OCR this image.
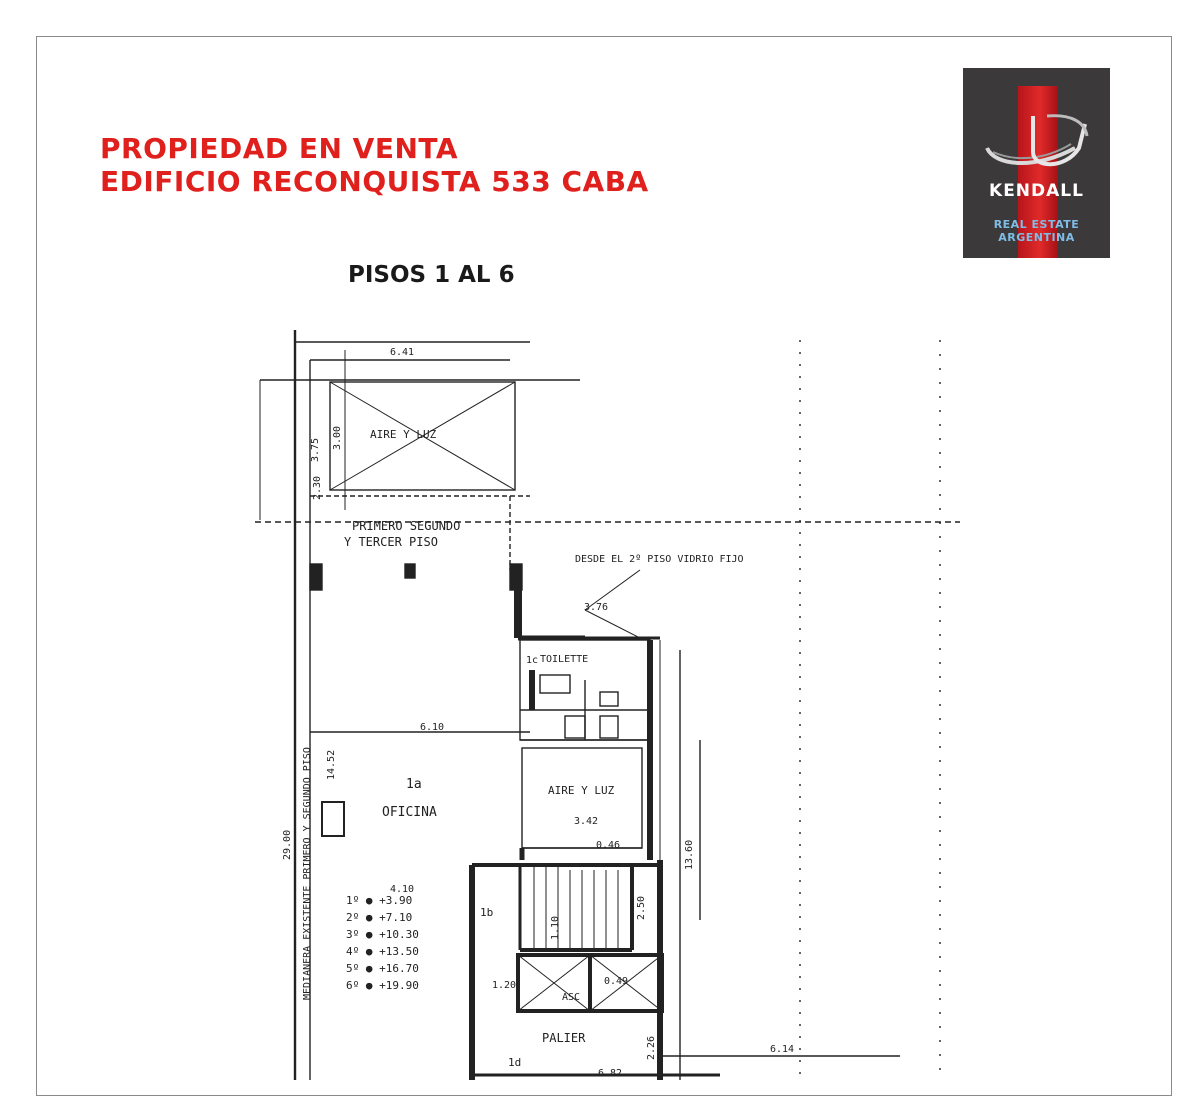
PROPIEDAD EN VENTA
EDIFICIO RECONQUISTA 533 CABA
PISOS 1 AL 6
KENDALL
REAL ESTATE
ARGENTINA
AIRE Y LUZ
PRIMERO SEGUNDO
Y TERCER PISO
DESDE EL 2º PISO VIDRIO FIJO
TOILETTE
1c
1a
OFICINA
AIRE Y LUZ
1b
1d
PALIER
ASC
MEDIANERA EXISTENTE PRIMERO Y SEGUNDO PISO
6.41
3.75 3.00
2.30
3.76
6.10
14.52
29.00
4.10
13.60
3.42
0.46
2.50
1.10
1.20
6.82
6.14
2.26
0.49
1º ● +3.90
2º ● +7.10
3º ● +10.30
4º ● +13.50
5º ● +16.70
6º ● +19.90
